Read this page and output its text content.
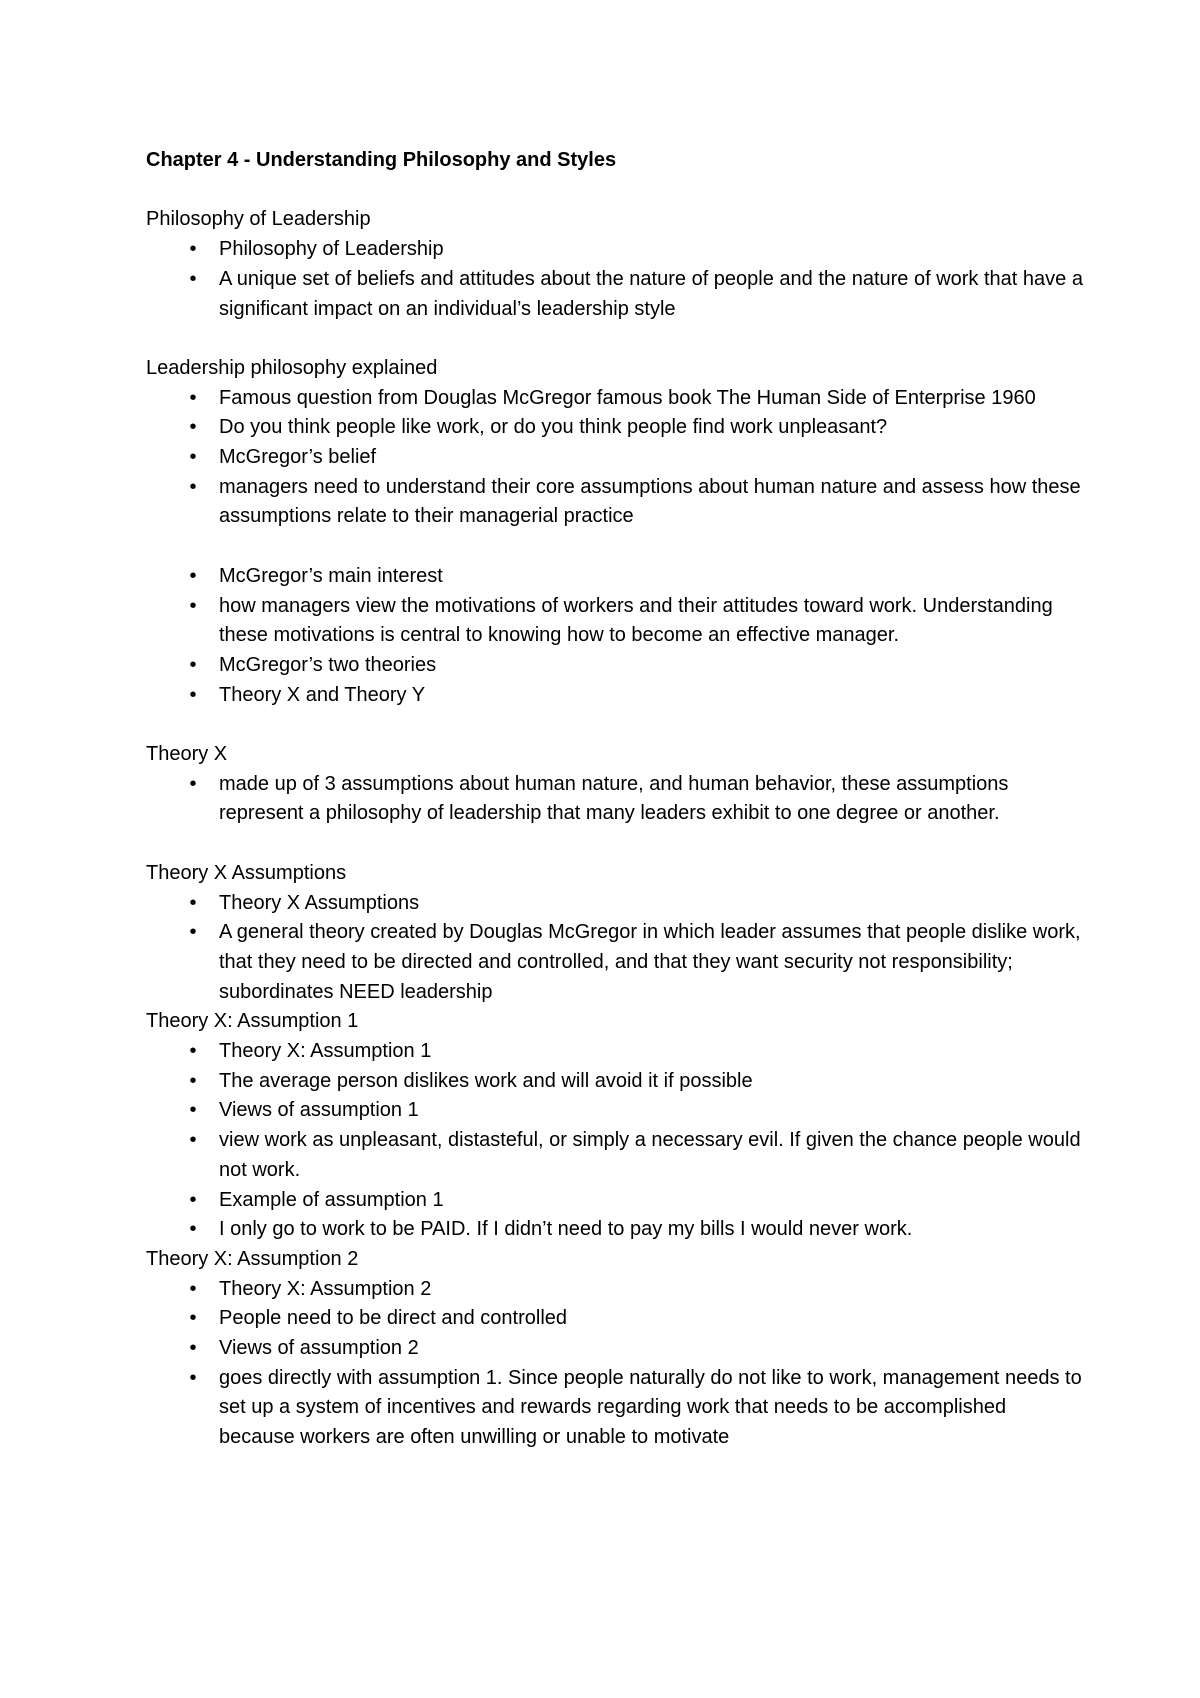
Chapter 4 - Understanding Philosophy and Styles

Philosophy of Leadership

• Philosophy of Leadership
• A unique set of beliefs and attitudes about the nature of people and the nature of work that have a significant impact on an individual’s leadership style

Leadership philosophy explained

• Famous question from Douglas McGregor famous book The Human Side of Enterprise 1960
• Do you think people like work, or do you think people find work unpleasant?
• McGregor’s belief
• managers need to understand their core assumptions about human nature and assess how these assumptions relate to their managerial practice
• McGregor’s main interest
• how managers view the motivations of workers and their attitudes toward work. Understanding these motivations is central to knowing how to become an effective manager.
• McGregor’s two theories
• Theory X and Theory Y

Theory X

• made up of 3 assumptions about human nature, and human behavior, these assumptions represent a philosophy of leadership that many leaders exhibit to one degree or another.

Theory X Assumptions

• Theory X Assumptions
• A general theory created by Douglas McGregor in which leader assumes that people dislike work, that they need to be directed and controlled, and that they want security not responsibility; subordinates NEED leadership

Theory X: Assumption 1

• Theory X: Assumption 1
• The average person dislikes work and will avoid it if possible
• Views of assumption 1
• view work as unpleasant, distasteful, or simply a necessary evil. If given the chance people would not work.
• Example of assumption 1
• I only go to work to be PAID. If I didn’t need to pay my bills I would never work.

Theory X: Assumption 2

• Theory X: Assumption 2
• People need to be direct and controlled
• Views of assumption 2
• goes directly with assumption 1. Since people naturally do not like to work, management needs to set up a system of incentives and rewards regarding work that needs to be accomplished because workers are often unwilling or unable to motivate
